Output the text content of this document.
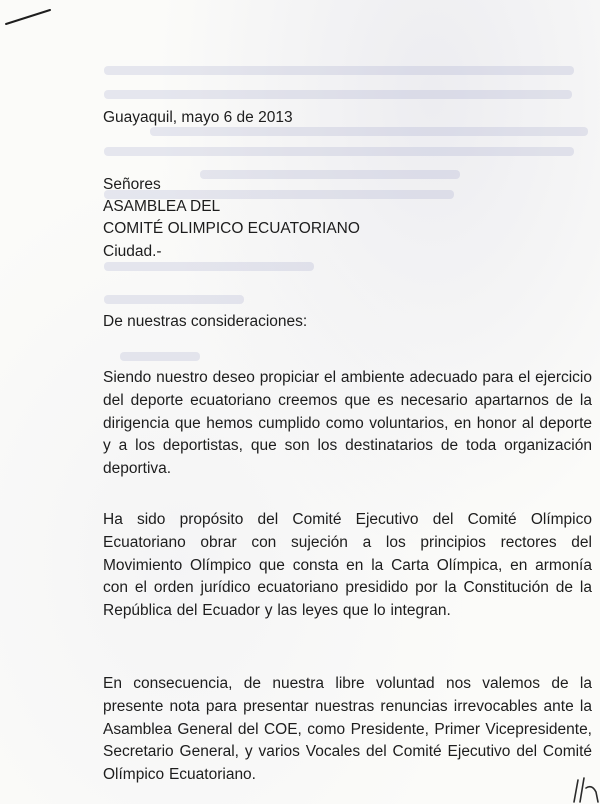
Guayaquil, mayo 6 de 2013
Señores
ASAMBLEA DEL
COMITÉ OLIMPICO ECUATORIANO
Ciudad.-
De nuestras consideraciones:
Siendo nuestro deseo propiciar el ambiente adecuado para el ejercicio del deporte ecuatoriano creemos que es necesario apartarnos de la dirigencia que hemos cumplido como voluntarios, en honor al deporte y a los deportistas, que son los destinatarios de toda organización deportiva.
Ha sido propósito del Comité Ejecutivo del Comité Olímpico Ecuatoriano obrar con sujeción a los principios rectores del Movimiento Olímpico que consta en la Carta Olímpica, en armonía con el orden jurídico ecuatoriano presidido por la Constitución de la República del Ecuador y las leyes que lo integran.
En consecuencia, de nuestra libre voluntad nos valemos de la presente nota para presentar nuestras renuncias irrevocables ante la Asamblea General del COE, como Presidente, Primer Vicepresidente, Secretario General, y varios Vocales del Comité Ejecutivo del Comité Olímpico Ecuatoriano.
